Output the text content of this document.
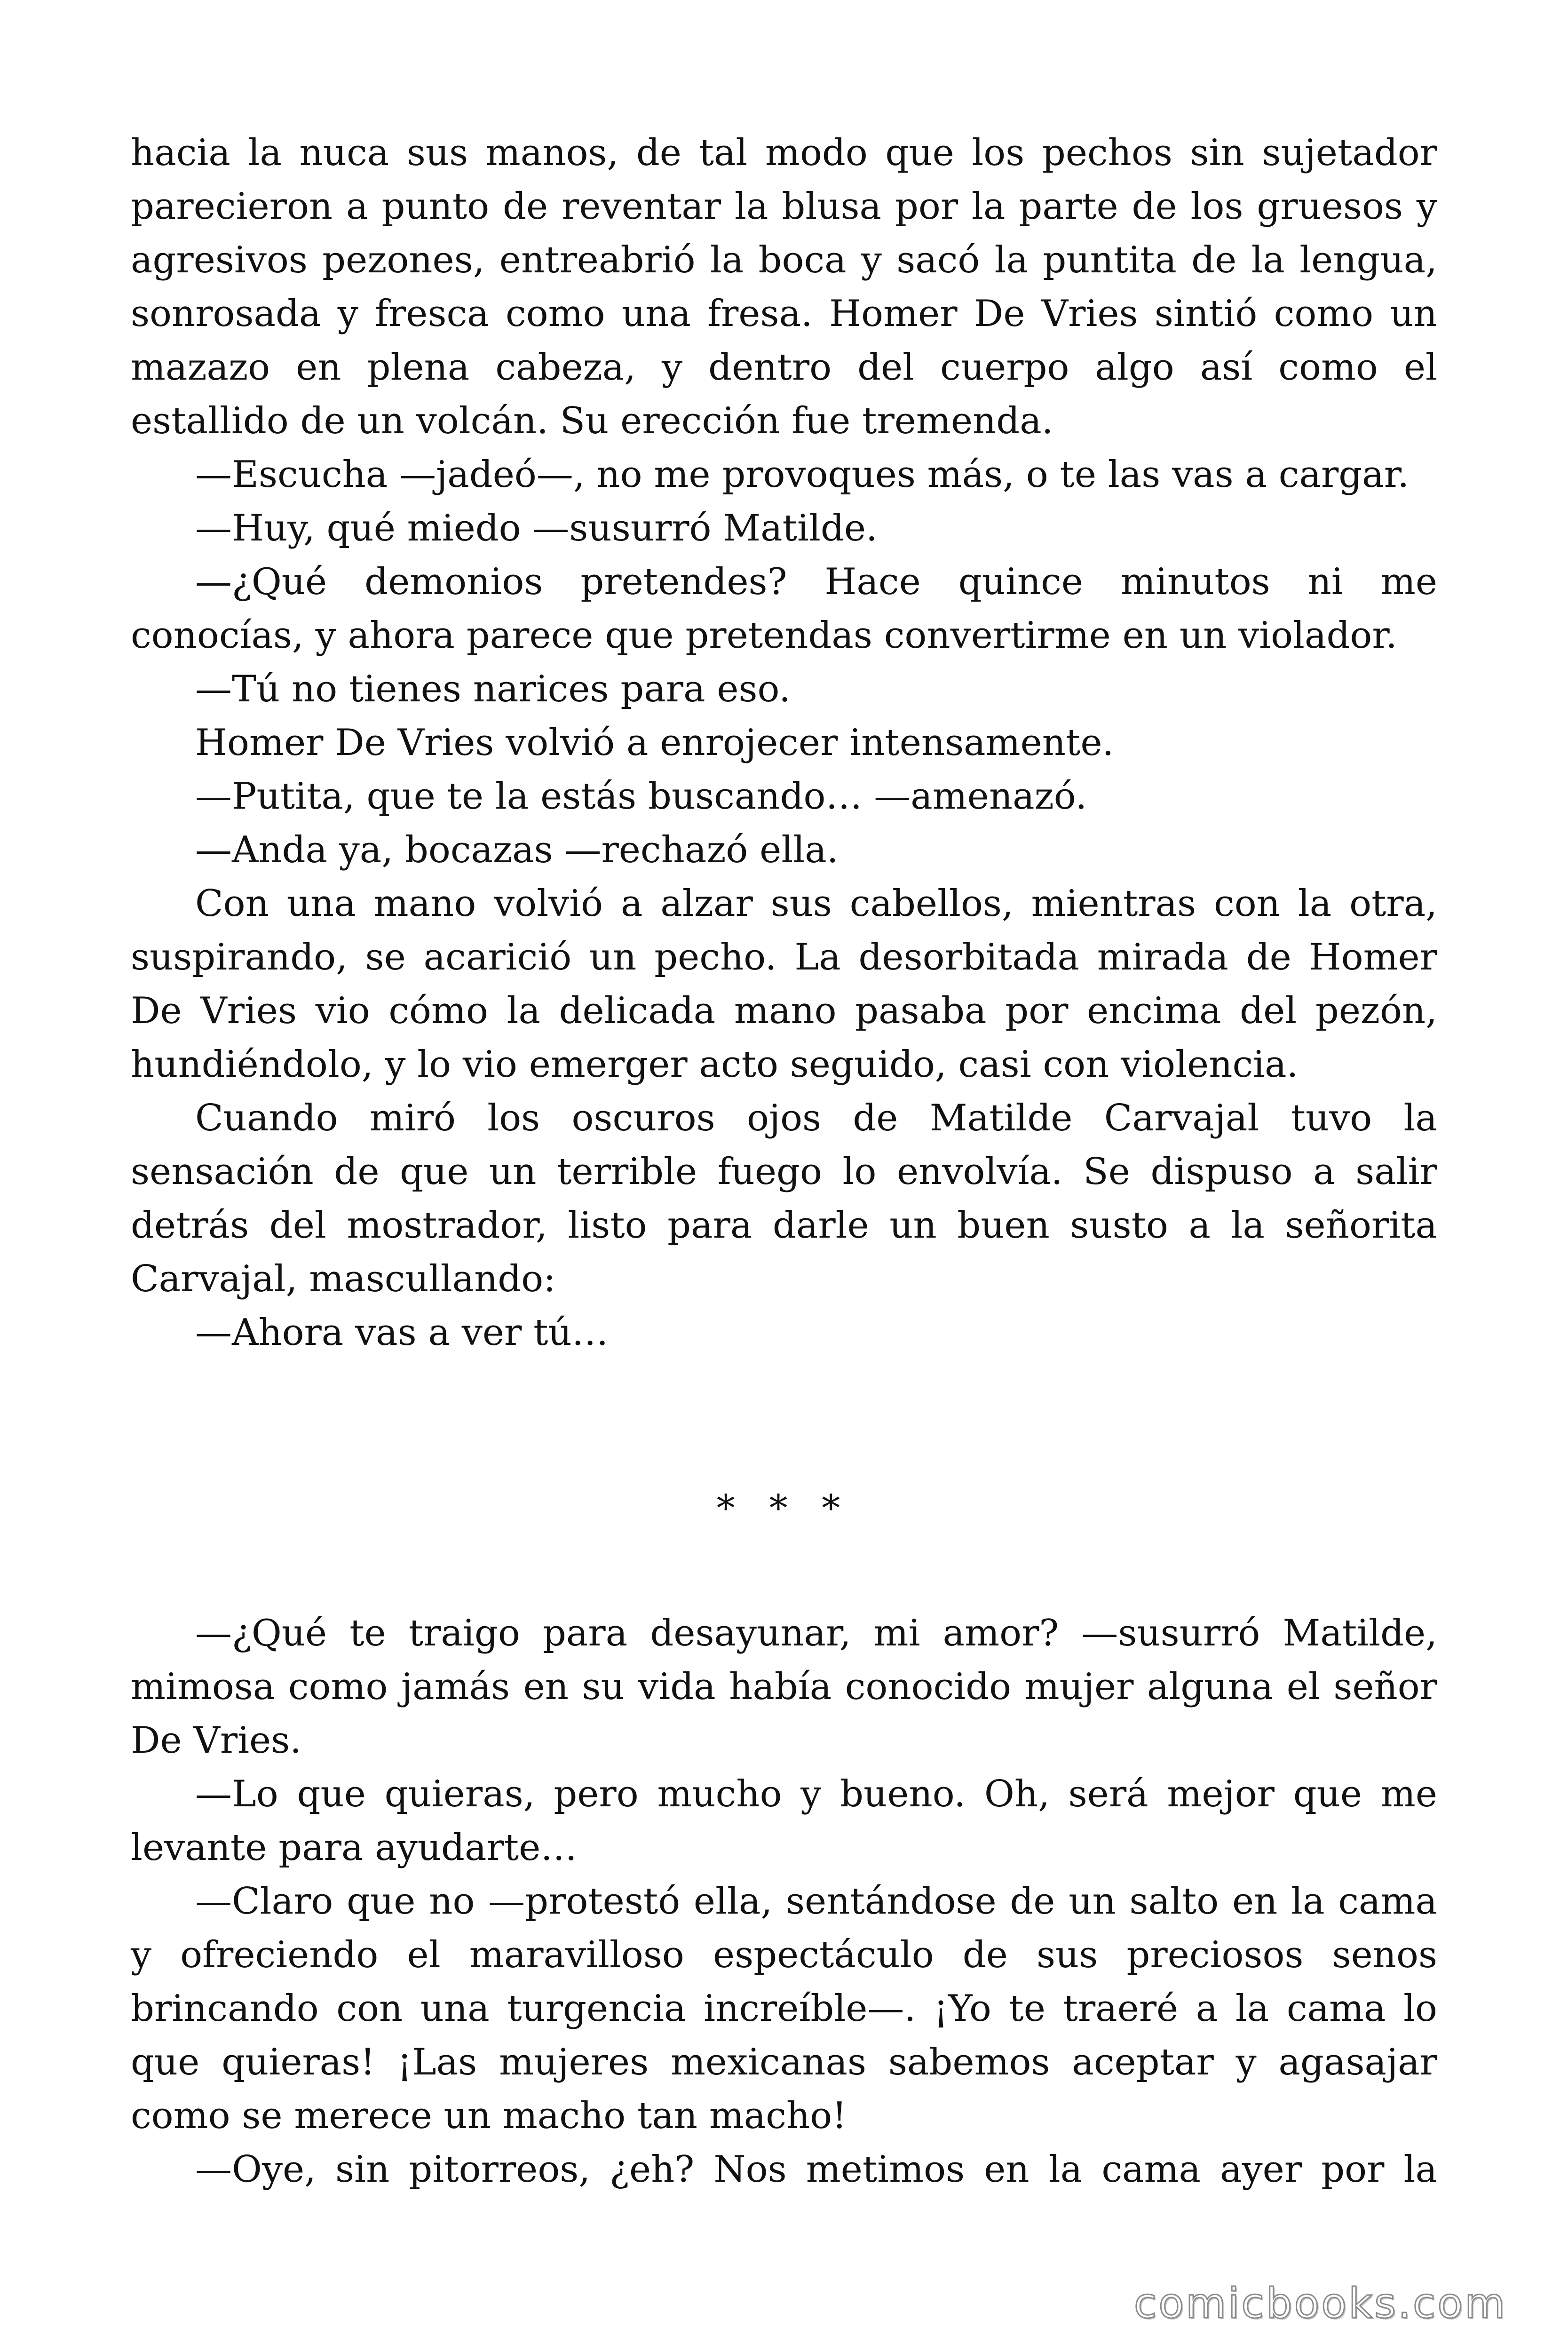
hacia la nuca sus manos, de tal modo que los pechos sin sujetador parecieron a punto de reventar la blusa por la parte de los gruesos y agresivos pezones, entreabrió la boca y sacó la puntita de la lengua, sonrosada y fresca como una fresa. Homer De Vries sintió como un mazazo en plena cabeza, y dentro del cuerpo algo así como el estallido de un volcán. Su erección fue tremenda.

—Escucha —jadeó—, no me provoques más, o te las vas a cargar.

—Huy, qué miedo —susurró Matilde.

—¿Qué demonios pretendes? Hace quince minutos ni me conocías, y ahora parece que pretendas convertirme en un violador.

—Tú no tienes narices para eso.

Homer De Vries volvió a enrojecer intensamente.

—Putita, que te la estás buscando… —amenazó.

—Anda ya, bocazas —rechazó ella.

Con una mano volvió a alzar sus cabellos, mientras con la otra, suspirando, se acarició un pecho. La desorbitada mirada de Homer De Vries vio cómo la delicada mano pasaba por encima del pezón, hundiéndolo, y lo vio emerger acto seguido, casi con violencia.

Cuando miró los oscuros ojos de Matilde Carvajal tuvo la sensación de que un terrible fuego lo envolvía. Se dispuso a salir detrás del mostrador, listo para darle un buen susto a la señorita Carvajal, mascullando:

—Ahora vas a ver tú…

* * *

—¿Qué te traigo para desayunar, mi amor? —susurró Matilde, mimosa como jamás en su vida había conocido mujer alguna el señor De Vries.

—Lo que quieras, pero mucho y bueno. Oh, será mejor que me levante para ayudarte…

—Claro que no —protestó ella, sentándose de un salto en la cama y ofreciendo el maravilloso espectáculo de sus preciosos senos brincando con una turgencia increíble—. ¡Yo te traeré a la cama lo que quieras! ¡Las mujeres mexicanas sabemos aceptar y agasajar como se merece un macho tan macho!

—Oye, sin pitorreos, ¿eh? Nos metimos en la cama ayer por la

comicbooks.com
